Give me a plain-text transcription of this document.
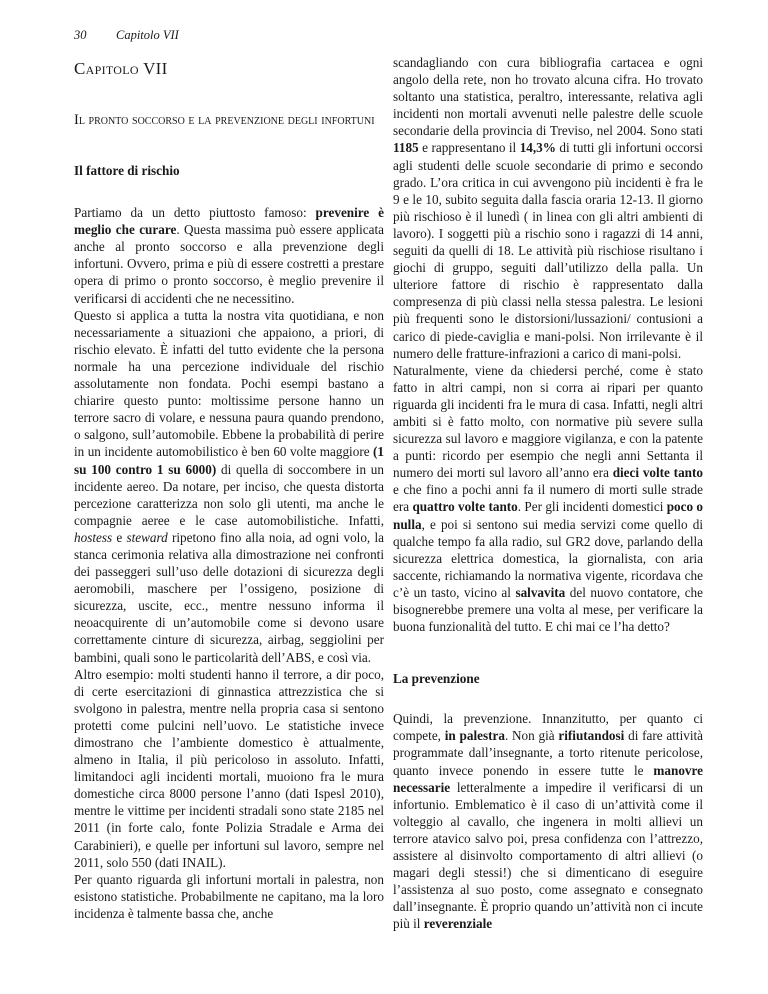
30 Capitolo VII
Capitolo VII
Il pronto soccorso e la prevenzione degli infortuni
Il fattore di rischio

Partiamo da un detto piuttosto famoso: prevenire è meglio che curare. Questa massima può essere applicata anche al pronto soccorso e alla prevenzione degli infortuni. Ovvero, prima e più di essere costretti a prestare opera di primo o pronto soccorso, è meglio prevenire il verificarsi di accidenti che ne necessitino.

Questo si applica a tutta la nostra vita quotidiana, e non necessariamente a situazioni che appaiono, a priori, di rischio elevato. È infatti del tutto evidente che la persona normale ha una percezione individuale del rischio assolutamente non fondata. Pochi esempi bastano a chiarire questo punto: moltissime persone hanno un terrore sacro di volare, e nessuna paura quando prendono, o salgono, sull’automobile. Ebbene la probabilità di perire in un incidente automobilistico è ben 60 volte maggiore (1 su 100 contro 1 su 6000) di quella di soccombere in un incidente aereo. Da notare, per inciso, che questa distorta percezione caratterizza non solo gli utenti, ma anche le compagnie aeree e le case automobilistiche. Infatti, hostess e steward ripetono fino alla noia, ad ogni volo, la stanca cerimonia relativa alla dimostrazione nei confronti dei passeggeri sull’uso delle dotazioni di sicurezza degli aeromobili, maschere per l’ossigeno, posizione di sicurezza, uscite, ecc., mentre nessuno informa il neoacquirente di un’automobile come si devono usare correttamente cinture di sicurezza, airbag, seggiolini per bambini, quali sono le particolarità dell’ABS, e così via.

Altro esempio: molti studenti hanno il terrore, a dir poco, di certe esercitazioni di ginnastica attrezzistica che si svolgono in palestra, mentre nella propria casa si sentono protetti come pulcini nell’uovo. Le statistiche invece dimostrano che l’ambiente domestico è attualmente, almeno in Italia, il più pericoloso in assoluto. Infatti, limitandoci agli incidenti mortali, muoiono fra le mura domestiche circa 8000 persone l’anno (dati Ispesl 2010), mentre le vittime per incidenti stradali sono state 2185 nel 2011 (in forte calo, fonte Polizia Stradale e Arma dei Carabinieri), e quelle per infortuni sul lavoro, sempre nel 2011, solo 550 (dati INAIL).

Per quanto riguarda gli infortuni mortali in palestra, non esistono statistiche. Probabilmente ne capitano, ma la loro incidenza è talmente bassa che, anche

scandagliando con cura bibliografia cartacea e ogni angolo della rete, non ho trovato alcuna cifra. Ho trovato soltanto una statistica, peraltro, interessante, relativa agli incidenti non mortali avvenuti nelle palestre delle scuole secondarie della provincia di Treviso, nel 2004. Sono stati 1185 e rappresentano il 14,3% di tutti gli infortuni occorsi agli studenti delle scuole secondarie di primo e secondo grado. L’ora critica in cui avvengono più incidenti è fra le 9 e le 10, subito seguita dalla fascia oraria 12-13. Il giorno più rischioso è il lunedì ( in linea con gli altri ambienti di lavoro). I soggetti più a rischio sono i ragazzi di 14 anni, seguiti da quelli di 18. Le attività più rischiose risultano i giochi di gruppo, seguiti dall’utilizzo della palla. Un ulteriore fattore di rischio è rappresentato dalla compresenza di più classi nella stessa palestra. Le lesioni più frequenti sono le distorsioni/lussazioni/ contusioni a carico di piede-caviglia e mani-polsi. Non irrilevante è il numero delle fratture-infrazioni a carico di mani-polsi.

Naturalmente, viene da chiedersi perché, come è stato fatto in altri campi, non si corra ai ripari per quanto riguarda gli incidenti fra le mura di casa. Infatti, negli altri ambiti si è fatto molto, con normative più severe sulla sicurezza sul lavoro e maggiore vigilanza, e con la patente a punti: ricordo per esempio che negli anni Settanta il numero dei morti sul lavoro all’anno era dieci volte tanto e che fino a pochi anni fa il numero di morti sulle strade era quattro volte tanto. Per gli incidenti domestici poco o nulla, e poi si sentono sui media servizi come quello di qualche tempo fa alla radio, sul GR2 dove, parlando della sicurezza elettrica domestica, la giornalista, con aria saccente, richiamando la normativa vigente, ricordava che c’è un tasto, vicino al salvavita del nuovo contatore, che bisognerebbe premere una volta al mese, per verificare la buona funzionalità del tutto. E chi mai ce l’ha detto?

La prevenzione

Quindi, la prevenzione. Innanzitutto, per quanto ci compete, in palestra. Non già rifiutandosi di fare attività programmate dall’insegnante, a torto ritenute pericolose, quanto invece ponendo in essere tutte le manovre necessarie letteralmente a impedire il verificarsi di un infortunio. Emblematico è il caso di un’attività come il volteggio al cavallo, che ingenera in molti allievi un terrore atavico salvo poi, presa confidenza con l’attrezzo, assistere al disinvolto comportamento di altri allievi (o magari degli stessi!) che si dimenticano di eseguire l’assistenza al suo posto, come assegnato e consegnato dall’insegnante. È proprio quando un’attività non ci incute più il reverenziale
